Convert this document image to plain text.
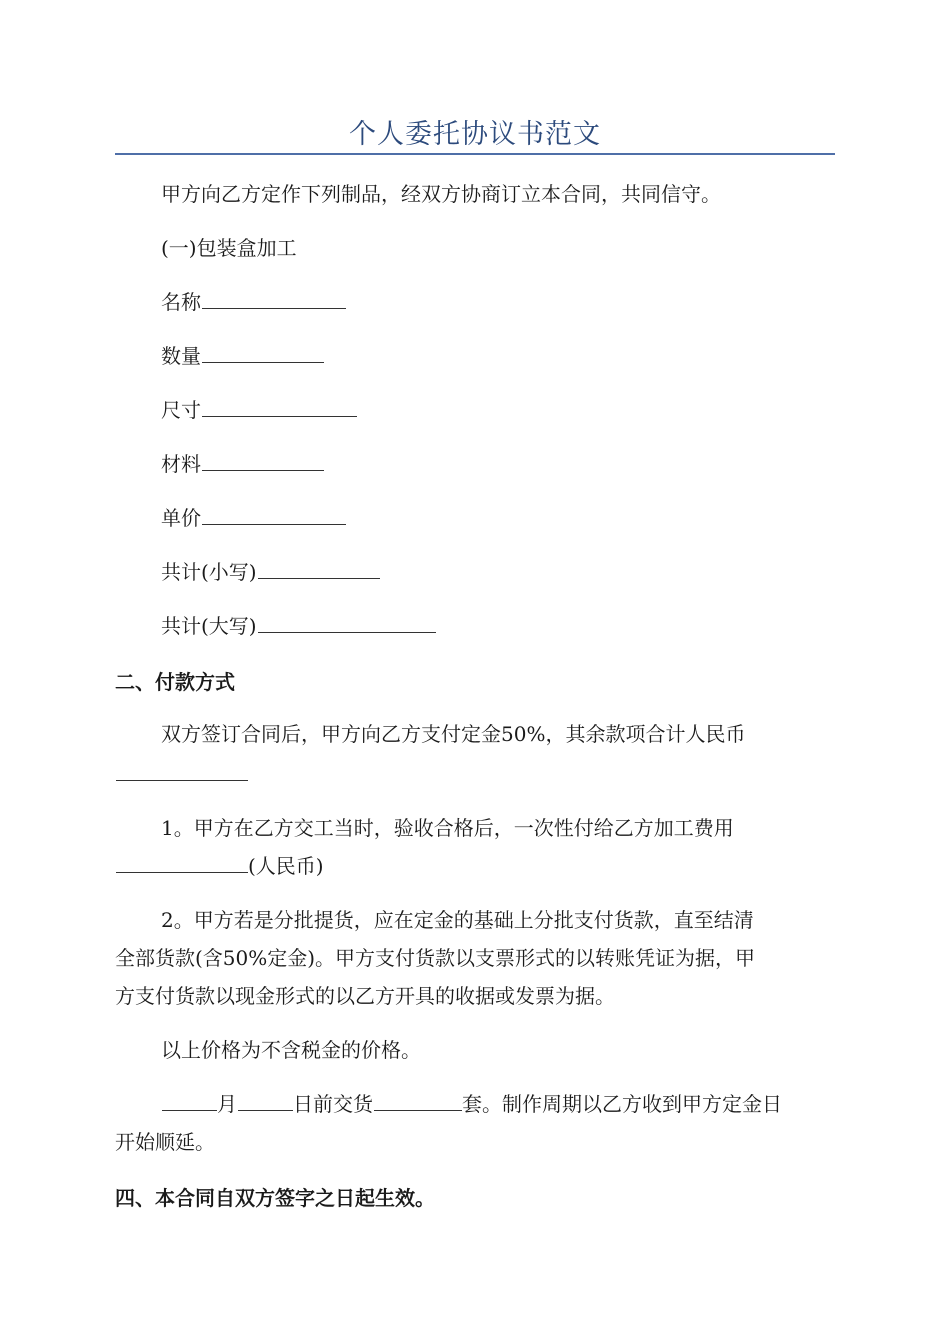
个人委托协议书范文
甲方向乙方定作下列制品，经双方协商订立本合同，共同信守。
(一)包装盒加工
名称
数量
尺寸
材料
单价
共计(小写)
共计(大写)
二、付款方式
双方签订合同后，甲方向乙方支付定金50%，其余款项合计人民币
1。甲方在乙方交工当时，验收合格后，一次性付给乙方加工费用
(人民币)
2。甲方若是分批提货，应在定金的基础上分批支付货款，直至结清
全部货款(含50%定金)。甲方支付货款以支票形式的以转账凭证为据，甲
方支付货款以现金形式的以乙方开具的收据或发票为据。
以上价格为不含税金的价格。
月	日前交货	套。制作周期以乙方收到甲方定金日
开始顺延。
四、本合同自双方签字之日起生效。
